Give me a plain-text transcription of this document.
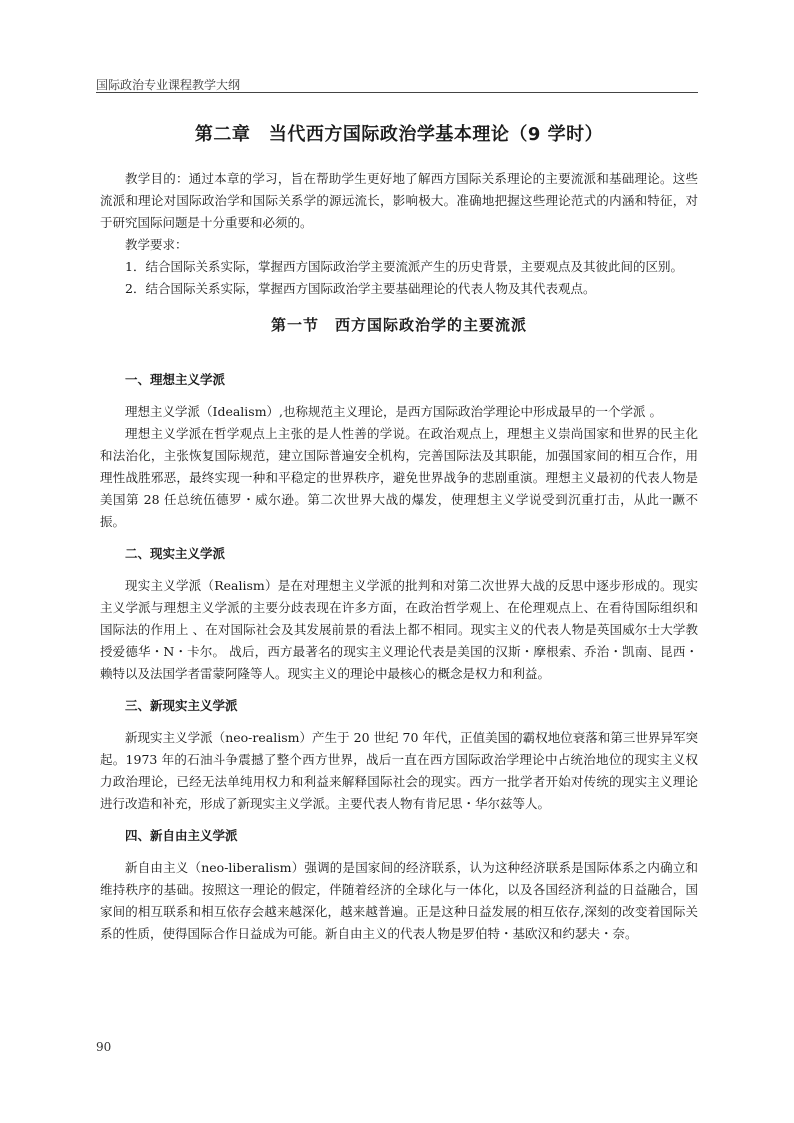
国际政治专业课程教学大纲
第二章　当代西方国际政治学基本理论（9 学时）

教学目的：通过本章的学习，旨在帮助学生更好地了解西方国际关系理论的主要流派和基础理论。这些流派和理论对国际政治学和国际关系学的源远流长，影响极大。准确地把握这些理论范式的内涵和特征，对于研究国际问题是十分重要和必须的。

教学要求：

1．结合国际关系实际，掌握西方国际政治学主要流派产生的历史背景，主要观点及其彼此间的区别。

2．结合国际关系实际，掌握西方国际政治学主要基础理论的代表人物及其代表观点。

第一节　西方国际政治学的主要流派
一、理想主义学派

理想主义学派（Idealism）,也称规范主义理论，是西方国际政治学理论中形成最早的一个学派 。

理想主义学派在哲学观点上主张的是人性善的学说。在政治观点上，理想主义崇尚国家和世界的民主化和法治化，主张恢复国际规范，建立国际普遍安全机构，完善国际法及其职能，加强国家间的相互合作，用理性战胜邪恶，最终实现一种和平稳定的世界秩序，避免世界战争的悲剧重演。理想主义最初的代表人物是美国第 28 任总统伍德罗・威尔逊。第二次世界大战的爆发，使理想主义学说受到沉重打击，从此一蹶不振。

二、现实主义学派

现实主义学派（Realism）是在对理想主义学派的批判和对第二次世界大战的反思中逐步形成的。现实主义学派与理想主义学派的主要分歧表现在许多方面，在政治哲学观上、在伦理观点上、在看待国际组织和国际法的作用上 、在对国际社会及其发展前景的看法上都不相同。现实主义的代表人物是英国威尔士大学教授爱德华・N・卡尔。 战后，西方最著名的现实主义理论代表是美国的汉斯・摩根索、乔治・凯南、昆西・赖特以及法国学者雷蒙阿隆等人。现实主义的理论中最核心的概念是权力和利益。

三、新现实主义学派

新现实主义学派（neo-realism）产生于 20 世纪 70 年代，正值美国的霸权地位衰落和第三世界异军突起。1973 年的石油斗争震撼了整个西方世界，战后一直在西方国际政治学理论中占统治地位的现实主义权力政治理论，已经无法单纯用权力和利益来解释国际社会的现实。西方一批学者开始对传统的现实主义理论进行改造和补充，形成了新现实主义学派。主要代表人物有肯尼思・华尔兹等人。

四、新自由主义学派

新自由主义（neo-liberalism）强调的是国家间的经济联系，认为这种经济联系是国际体系之内确立和维持秩序的基础。按照这一理论的假定，伴随着经济的全球化与一体化，以及各国经济利益的日益融合，国家间的相互联系和相互依存会越来越深化，越来越普遍。正是这种日益发展的相互依存,深刻的改变着国际关系的性质，使得国际合作日益成为可能。新自由主义的代表人物是罗伯特・基欧汉和约瑟夫・奈。

90
